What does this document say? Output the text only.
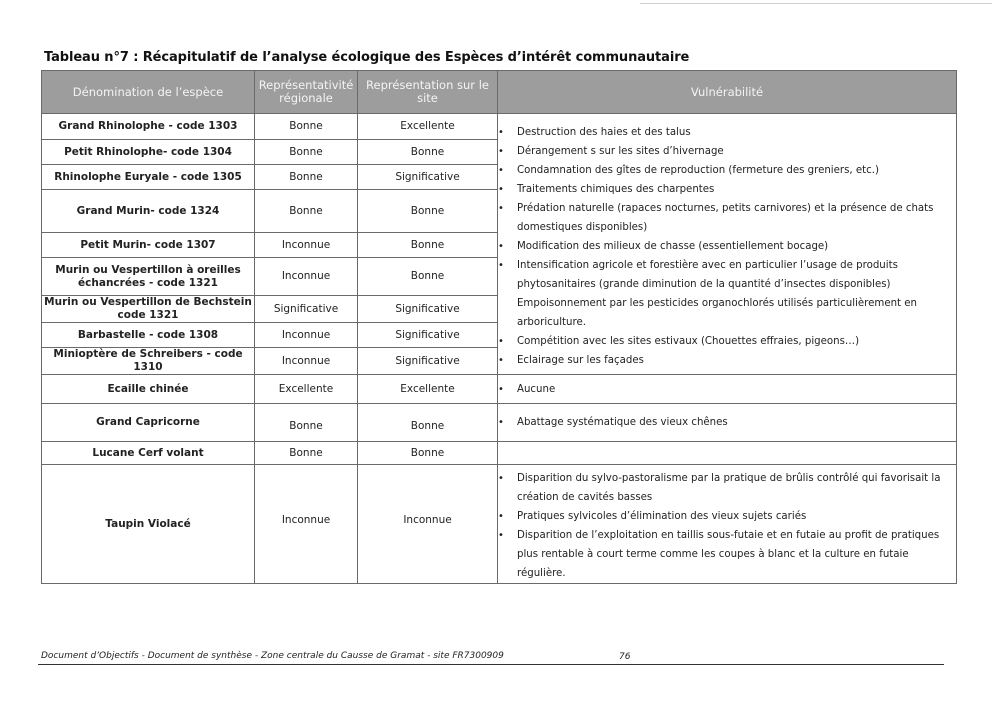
Tableau n°7 : Récapitulatif de l’analyse écologique des Espèces d’intérêt communautaire
Dénomination de l’espèce	Représentativité régionale	Représentation sur le site	Vulnérabilité
Grand Rhinolophe - code 1303	Bonne	Excellente	• Destruction des haies et des talus
• Dérangement s sur les sites d’hivernage
• Condamnation des gîtes de reproduction (fermeture des greniers, etc.)
• Traitements chimiques des charpentes
• Prédation naturelle (rapaces nocturnes, petits carnivores) et la présence de chats domestiques disponibles)
• Modification des milieux de chasse (essentiellement bocage)
• Intensification agricole et forestière avec en particulier l’usage de produits phytosanitaires (grande diminution de la quantité d’insectes disponibles)
Empoisonnement par les pesticides organochlorés utilisés particulièrement en arboriculture.
• Compétition avec les sites estivaux (Chouettes effraies, pigeons…)
• Eclairage sur les façades

Petit Rhinolophe- code 1304	Bonne	Bonne	
Rhinolophe Euryale - code 1305	Bonne	Significative	
Grand Murin- code 1324	Bonne	Bonne	
Petit Murin- code 1307	Inconnue	Bonne	
Murin ou Vespertillon à oreilles échancrées - code 1321	Inconnue	Bonne	
Murin ou Vespertillon de Bechstein code 1321	Significative	Significative	
Barbastelle - code 1308	Inconnue	Significative	
Minioptère de Schreibers - code 1310	Inconnue	Significative	
Ecaille chinée	Excellente	Excellente	• Aucune

Grand Capricorne	Bonne	Bonne	• Abattage systématique des vieux chênes

Lucane Cerf volant	Bonne	Bonne	
Taupin Violacé	Inconnue	Inconnue	
• Disparition du sylvo-pastoralisme par la pratique de brûlis contrôlé qui favorisait la création de cavités basses
• Pratiques sylvicoles d’élimination des vieux sujets cariés
• Disparition de l’exploitation en taillis sous-futaie et en futaie au profit de pratiques plus rentable à court terme comme les coupes à blanc et la culture en futaie régulière.
Document d’Objectifs - Document de synthèse - Zone centrale du Causse de Gramat - site FR7300909	76
